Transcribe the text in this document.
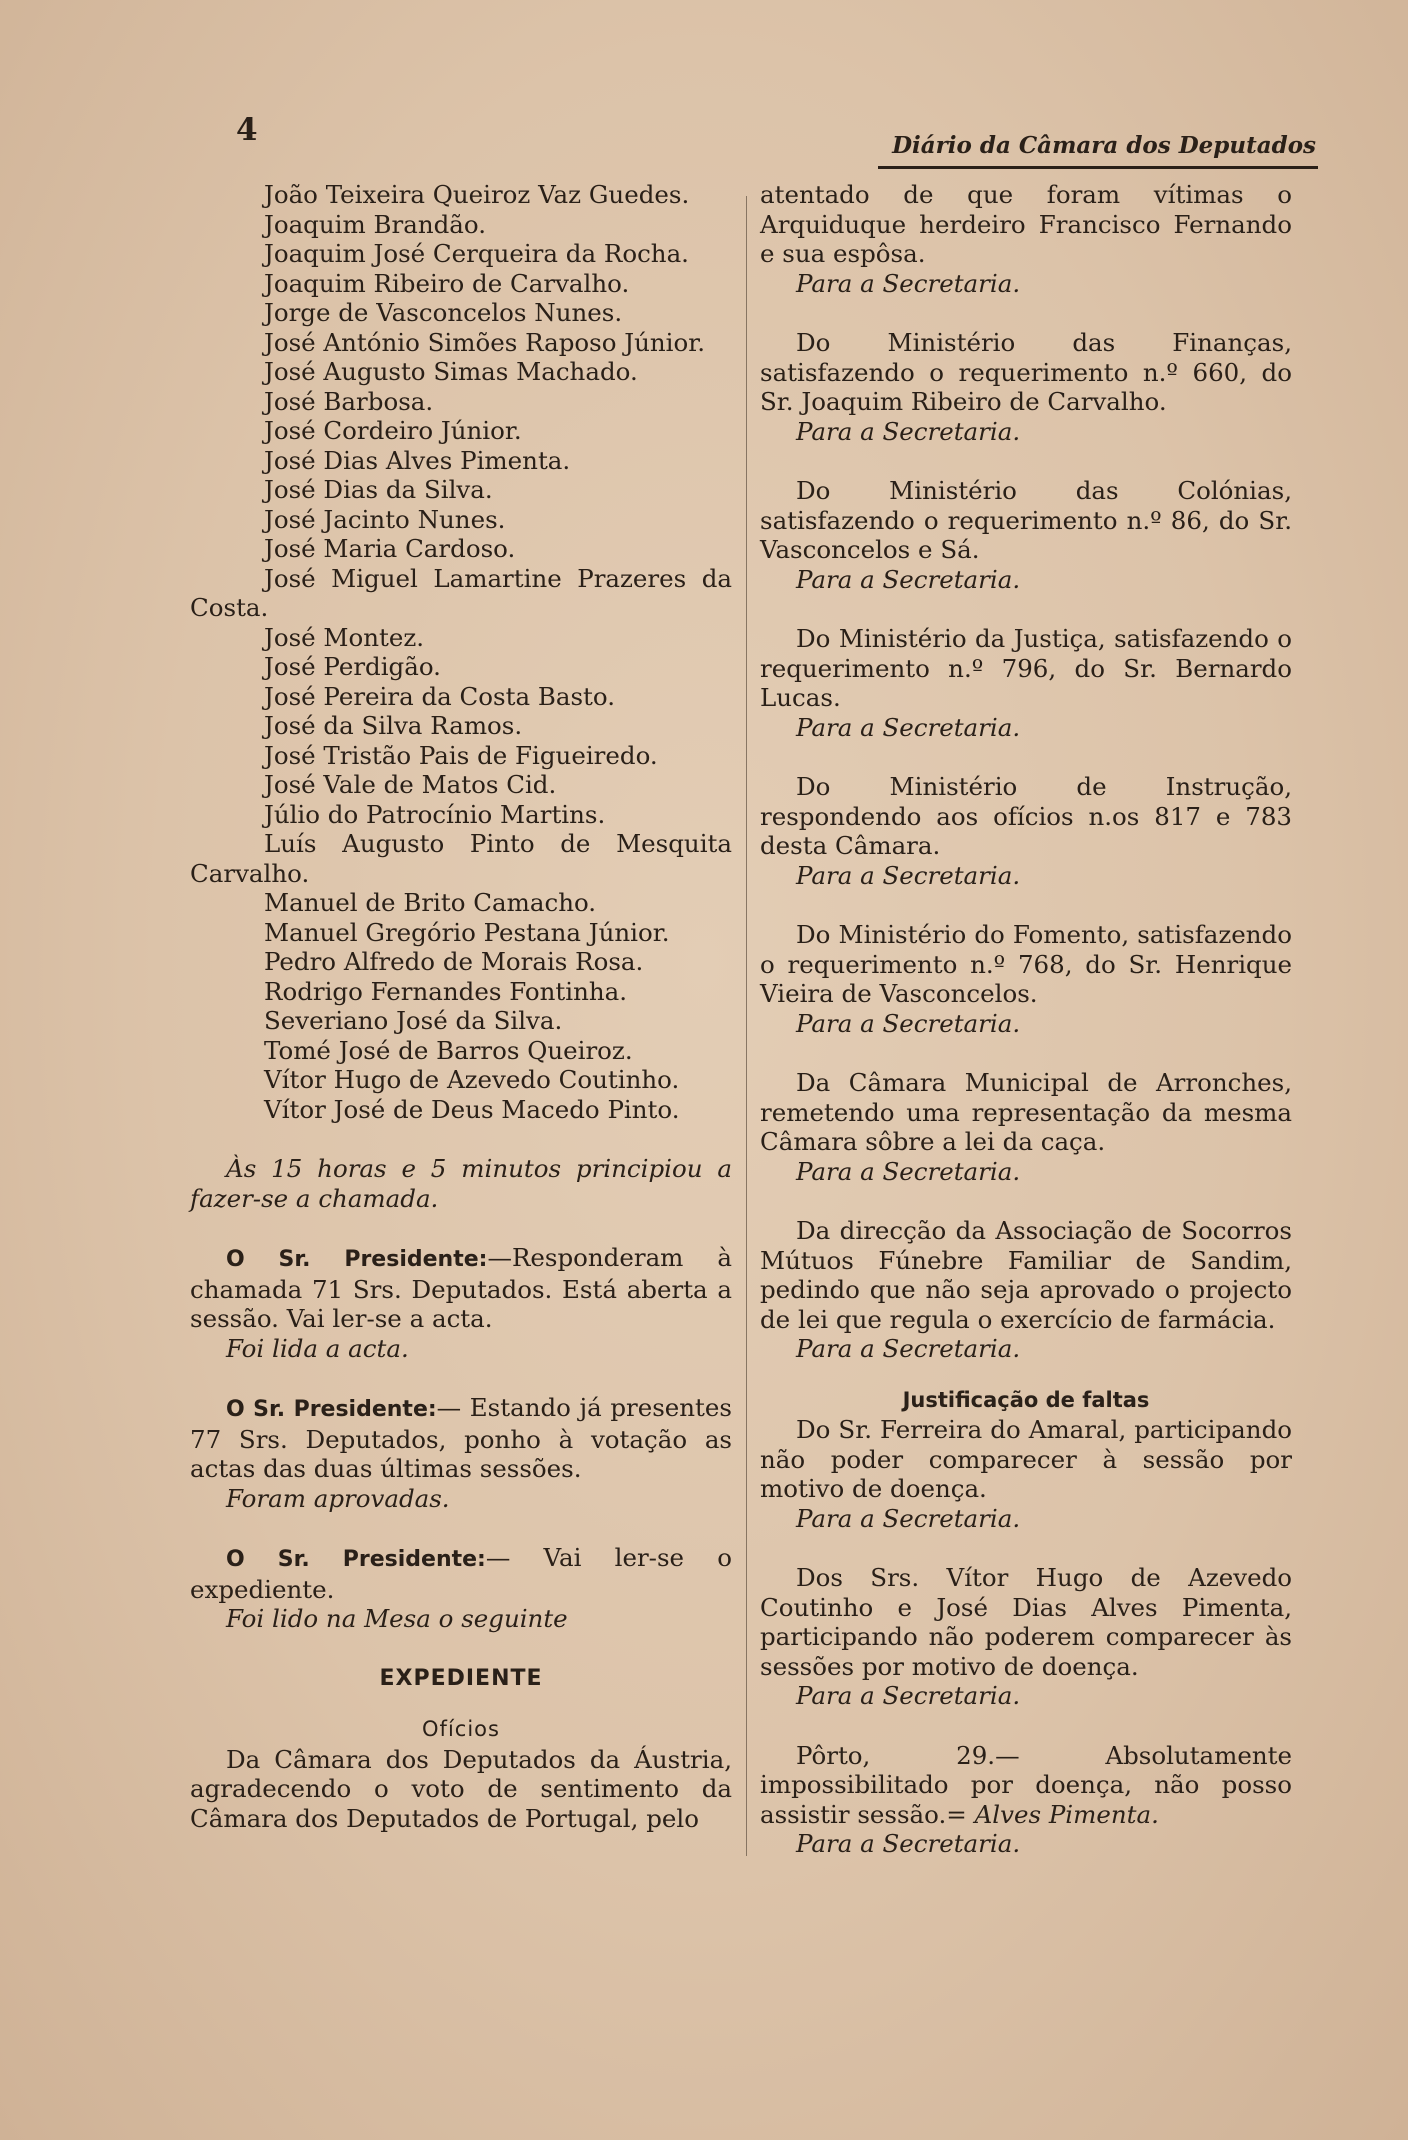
4	Diário da Câmara dos Deputados

João Teixeira Queiroz Vaz Guedes.

Joaquim Brandão.

Joaquim José Cerqueira da Rocha.

Joaquim Ribeiro de Carvalho.

Jorge de Vasconcelos Nunes.

José António Simões Raposo Júnior.

José Augusto Simas Machado.

José Barbosa.

José Cordeiro Júnior.

José Dias Alves Pimenta.

José Dias da Silva.

José Jacinto Nunes.

José Maria Cardoso.

José Miguel Lamartine Prazeres da Costa.

José Montez.

José Perdigão.

José Pereira da Costa Basto.

José da Silva Ramos.

José Tristão Pais de Figueiredo.

José Vale de Matos Cid.

Júlio do Patrocínio Martins.

Luís Augusto Pinto de Mesquita Carvalho.

Manuel de Brito Camacho.

Manuel Gregório Pestana Júnior.

Pedro Alfredo de Morais Rosa.

Rodrigo Fernandes Fontinha.

Severiano José da Silva.

Tomé José de Barros Queiroz.

Vítor Hugo de Azevedo Coutinho.

Vítor José de Deus Macedo Pinto.

Às 15 horas e 5 minutos principiou a fazer-se a chamada.

O Sr. Presidente:—Responderam à chamada 71 Srs. Deputados. Está aberta a sessão. Vai ler-se a acta.

Foi lida a acta.

O Sr. Presidente:— Estando já presentes 77 Srs. Deputados, ponho à votação as actas das duas últimas sessões.

Foram aprovadas.

O Sr. Presidente:— Vai ler-se o expediente.

Foi lido na Mesa o seguinte

EXPEDIENTE

Ofícios

Da Câmara dos Deputados da Áustria, agradecendo o voto de sentimento da Câmara dos Deputados de Portugal, pelo

atentado de que foram vítimas o Arquiduque herdeiro Francisco Fernando e sua espôsa.

Para a Secretaria.

Do Ministério das Finanças, satisfazendo o requerimento n.º 660, do Sr. Joaquim Ribeiro de Carvalho.

Para a Secretaria.

Do Ministério das Colónias, satisfazendo o requerimento n.º 86, do Sr. Vasconcelos e Sá.

Para a Secretaria.

Do Ministério da Justiça, satisfazendo o requerimento n.º 796, do Sr. Bernardo Lucas.

Para a Secretaria.

Do Ministério de Instrução, respondendo aos ofícios n.os 817 e 783 desta Câmara.

Para a Secretaria.

Do Ministério do Fomento, satisfazendo o requerimento n.º 768, do Sr. Henrique Vieira de Vasconcelos.

Para a Secretaria.

Da Câmara Municipal de Arronches, remetendo uma representação da mesma Câmara sôbre a lei da caça.

Para a Secretaria.

Da direcção da Associação de Socorros Mútuos Fúnebre Familiar de Sandim, pedindo que não seja aprovado o projecto de lei que regula o exercício de farmácia.

Para a Secretaria.

Justificação de faltas

Do Sr. Ferreira do Amaral, participando não poder comparecer à sessão por motivo de doença.

Para a Secretaria.

Dos Srs. Vítor Hugo de Azevedo Coutinho e José Dias Alves Pimenta, participando não poderem comparecer às sessões por motivo de doença.

Para a Secretaria.

Pôrto, 29.— Absolutamente impossibilitado por doença, não posso assistir sessão.= Alves Pimenta.

Para a Secretaria.
